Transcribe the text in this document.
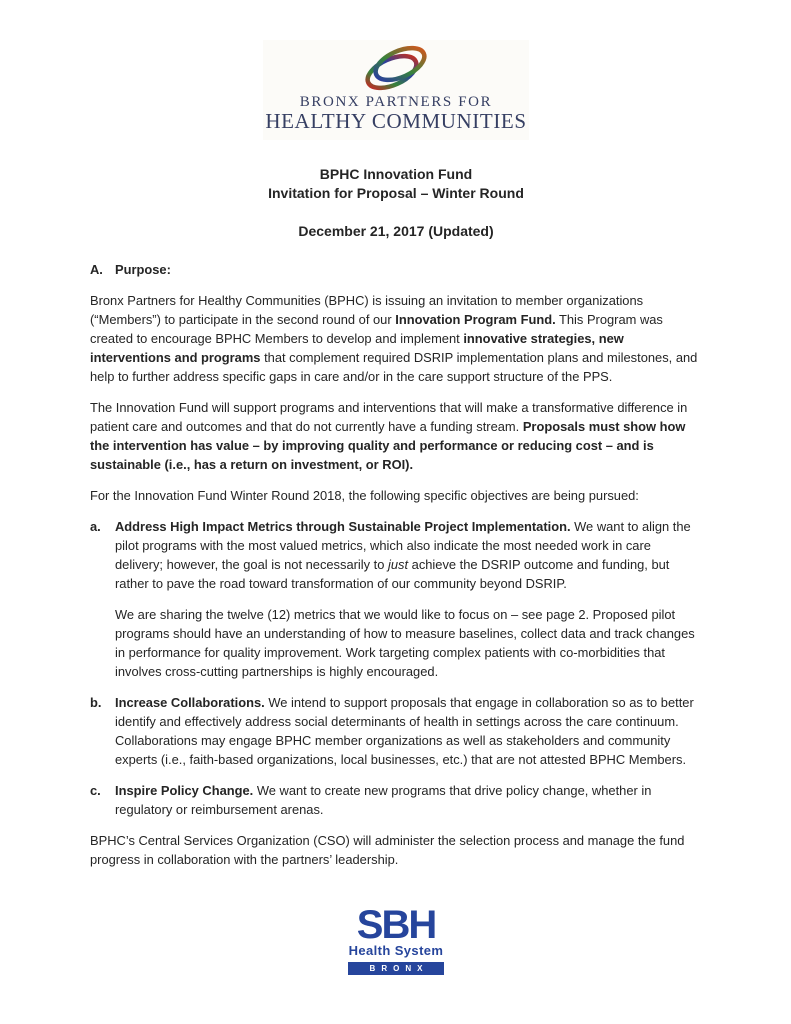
BRONX PARTNERS FOR
HEALTHY COMMUNITIES
BPHC Innovation Fund
Invitation for Proposal – Winter Round
December 21, 2017 (Updated)
A. Purpose:

Bronx Partners for Healthy Communities (BPHC) is issuing an invitation to member organizations (“Members”) to participate in the second round of our Innovation Program Fund. This Program was created to encourage BPHC Members to develop and implement innovative strategies, new interventions and programs that complement required DSRIP implementation plans and milestones, and help to further address specific gaps in care and/or in the care support structure of the PPS.

The Innovation Fund will support programs and interventions that will make a transformative difference in patient care and outcomes and that do not currently have a funding stream. Proposals must show how the intervention has value – by improving quality and performance or reducing cost – and is sustainable (i.e., has a return on investment, or ROI).

For the Innovation Fund Winter Round 2018, the following specific objectives are being pursued:

a. Address High Impact Metrics through Sustainable Project Implementation. We want to align the pilot programs with the most valued metrics, which also indicate the most needed work in care delivery; however, the goal is not necessarily to just achieve the DSRIP outcome and funding, but rather to pave the road toward transformation of our community beyond DSRIP.

We are sharing the twelve (12) metrics that we would like to focus on – see page 2. Proposed pilot programs should have an understanding of how to measure baselines, collect data and track changes in performance for quality improvement. Work targeting complex patients with co-morbidities that involves cross-cutting partnerships is highly encouraged.

b. Increase Collaborations. We intend to support proposals that engage in collaboration so as to better identify and effectively address social determinants of health in settings across the care continuum. Collaborations may engage BPHC member organizations as well as stakeholders and community experts (i.e., faith-based organizations, local businesses, etc.) that are not attested BPHC Members.

c. Inspire Policy Change. We want to create new programs that drive policy change, whether in regulatory or reimbursement arenas.

BPHC’s Central Services Organization (CSO) will administer the selection process and manage the fund progress in collaboration with the partners’ leadership.

SBH
Health System
BRONX
